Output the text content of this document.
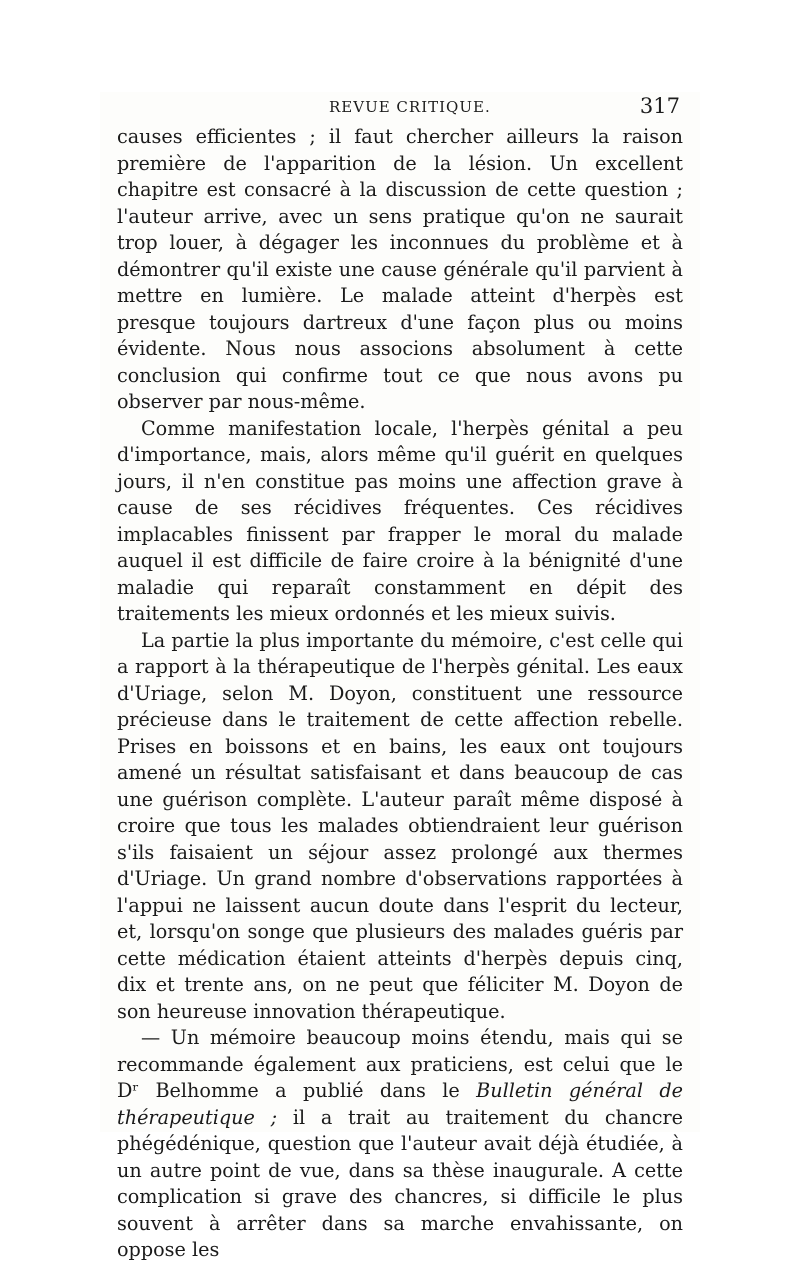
REVUE CRITIQUE.	317

causes efficientes ; il faut chercher ailleurs la raison première de l'apparition de la lésion. Un excellent chapitre est consacré à la discussion de cette question ; l'auteur arrive, avec un sens pratique qu'on ne saurait trop louer, à dégager les inconnues du problème et à démontrer qu'il existe une cause générale qu'il parvient à mettre en lumière. Le malade atteint d'herpès est presque toujours dartreux d'une façon plus ou moins évidente. Nous nous associons absolument à cette conclusion qui confirme tout ce que nous avons pu observer par nous-même.

Comme manifestation locale, l'herpès génital a peu d'importance, mais, alors même qu'il guérit en quelques jours, il n'en constitue pas moins une affection grave à cause de ses récidives fréquentes. Ces récidives implacables finissent par frapper le moral du malade auquel il est difficile de faire croire à la bénignité d'une maladie qui reparaît constamment en dépit des traitements les mieux ordonnés et les mieux suivis.

La partie la plus importante du mémoire, c'est celle qui a rapport à la thérapeutique de l'herpès génital. Les eaux d'Uriage, selon M. Doyon, constituent une ressource précieuse dans le traitement de cette affection rebelle. Prises en boissons et en bains, les eaux ont toujours amené un résultat satisfaisant et dans beaucoup de cas une guérison complète. L'auteur paraît même disposé à croire que tous les malades obtiendraient leur guérison s'ils faisaient un séjour assez prolongé aux thermes d'Uriage. Un grand nombre d'observations rapportées à l'appui ne laissent aucun doute dans l'esprit du lecteur, et, lorsqu'on songe que plusieurs des malades guéris par cette médication étaient atteints d'herpès depuis cinq, dix et trente ans, on ne peut que féliciter M. Doyon de son heureuse innovation thérapeutique.

— Un mémoire beaucoup moins étendu, mais qui se recommande également aux praticiens, est celui que le Dʳ Belhomme a publié dans le Bulletin général de thérapeutique ; il a trait au traitement du chancre phégédénique, question que l'auteur avait déjà étudiée, à un autre point de vue, dans sa thèse inaugurale. A cette complication si grave des chancres, si difficile le plus souvent à arrêter dans sa marche envahissante, on oppose les
